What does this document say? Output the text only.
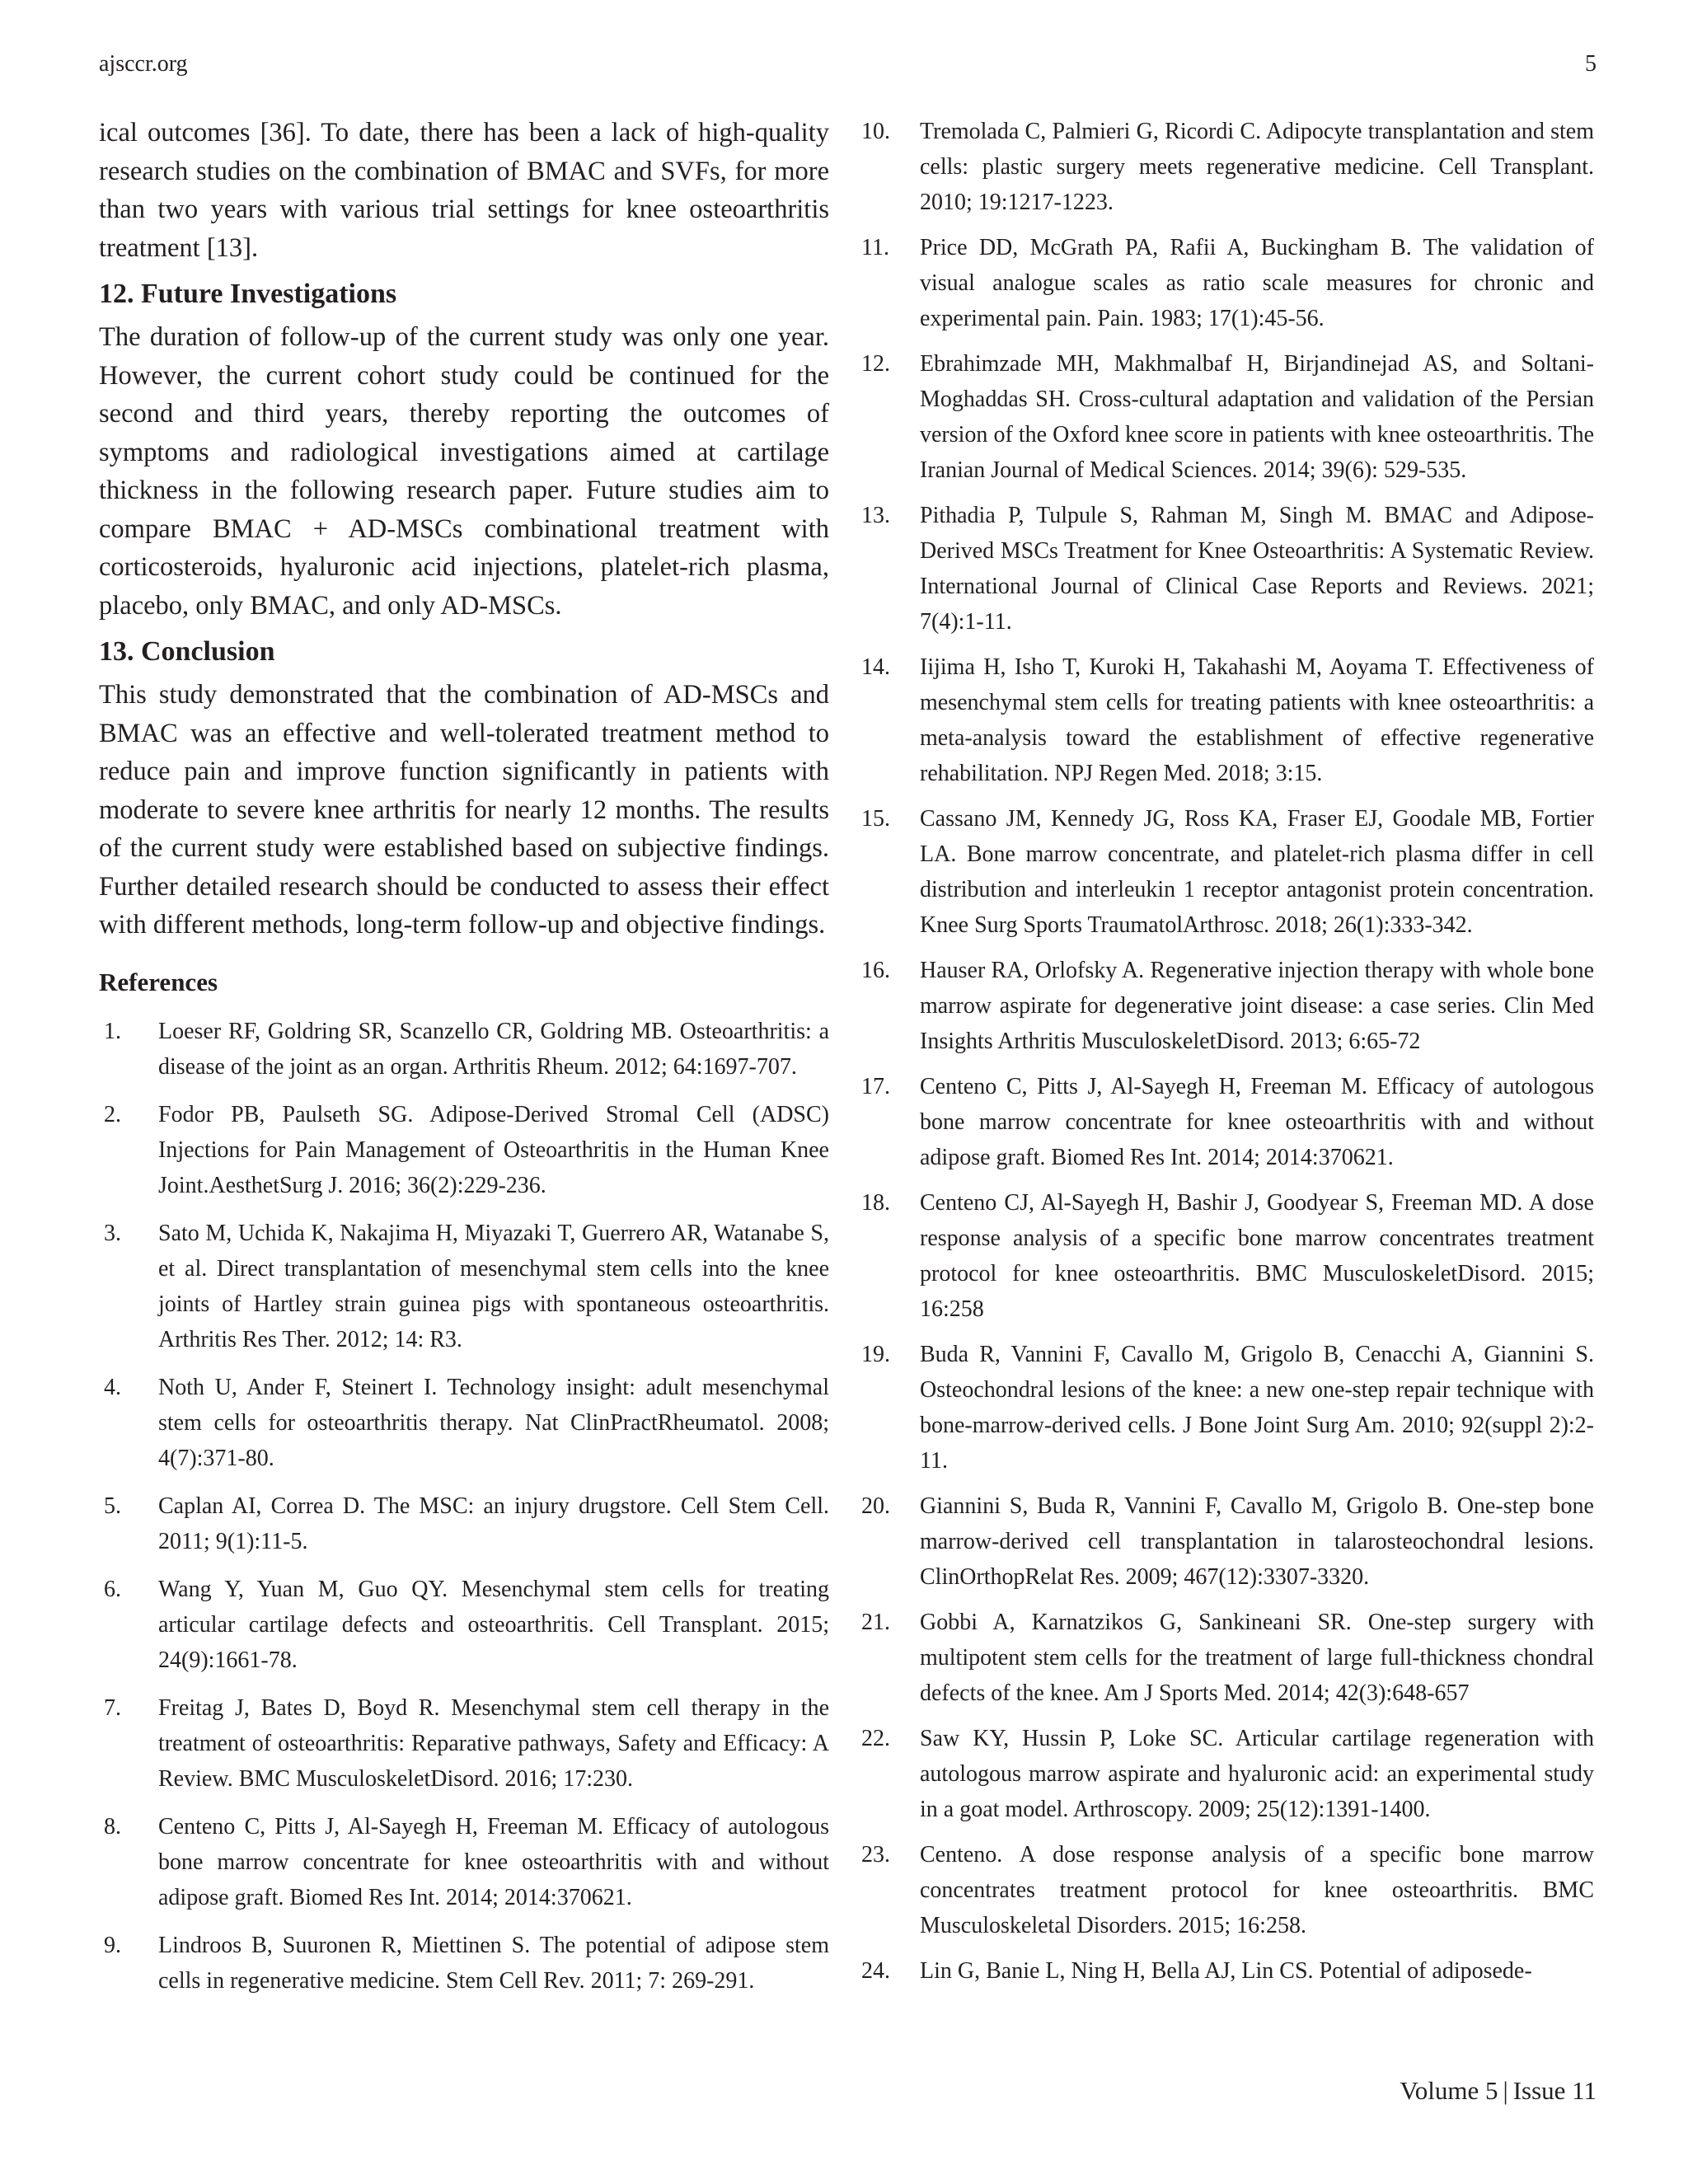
ajsccr.org	5

ical outcomes [36]. To date, there has been a lack of high-quality research studies on the combination of BMAC and SVFs, for more than two years with various trial settings for knee osteoarthritis treatment [13].

12. Future Investigations

The duration of follow-up of the current study was only one year. However, the current cohort study could be continued for the second and third years, thereby reporting the outcomes of symptoms and radiological investigations aimed at cartilage thickness in the following research paper. Future studies aim to compare BMAC + AD-MSCs combinational treatment with corticosteroids, hyaluronic acid injections, platelet-rich plasma, placebo, only BMAC, and only AD-MSCs.

13. Conclusion

This study demonstrated that the combination of AD-MSCs and BMAC was an effective and well-tolerated treatment method to reduce pain and improve function significantly in patients with moderate to severe knee arthritis for nearly 12 months. The results of the current study were established based on subjective findings. Further detailed research should be conducted to assess their effect with different methods, long-term follow-up and objective findings.

References
1.	Loeser RF, Goldring SR, Scanzello CR, Goldring MB. Osteoarthritis: a disease of the joint as an organ. Arthritis Rheum. 2012; 64:1697-707.
2.	Fodor PB, Paulseth SG. Adipose-Derived Stromal Cell (ADSC) Injections for Pain Management of Osteoarthritis in the Human Knee Joint.AesthetSurg J. 2016; 36(2):229-236.
3.	Sato M, Uchida K, Nakajima H, Miyazaki T, Guerrero AR, Watanabe S, et al. Direct transplantation of mesenchymal stem cells into the knee joints of Hartley strain guinea pigs with spontaneous osteoarthritis. Arthritis Res Ther. 2012; 14: R3.
4.	Noth U, Ander F, Steinert I. Technology insight: adult mesenchymal stem cells for osteoarthritis therapy. Nat ClinPractRheumatol. 2008; 4(7):371-80.
5.	Caplan AI, Correa D. The MSC: an injury drugstore. Cell Stem Cell. 2011; 9(1):11-5.
6.	Wang Y, Yuan M, Guo QY. Mesenchymal stem cells for treating articular cartilage defects and osteoarthritis. Cell Transplant. 2015; 24(9):1661-78.
7.	Freitag J, Bates D, Boyd R. Mesenchymal stem cell therapy in the treatment of osteoarthritis: Reparative pathways, Safety and Efficacy: A Review. BMC MusculoskeletDisord. 2016; 17:230.
8.	Centeno C, Pitts J, Al-Sayegh H, Freeman M. Efficacy of autologous bone marrow concentrate for knee osteoarthritis with and without adipose graft. Biomed Res Int. 2014; 2014:370621.
9.	Lindroos B, Suuronen R, Miettinen S. The potential of adipose stem cells in regenerative medicine. Stem Cell Rev. 2011; 7: 269-291.
10.	Tremolada C, Palmieri G, Ricordi C. Adipocyte transplantation and stem cells: plastic surgery meets regenerative medicine. Cell Transplant. 2010; 19:1217-1223.
11.	Price DD, McGrath PA, Rafii A, Buckingham B. The validation of visual analogue scales as ratio scale measures for chronic and experimental pain. Pain. 1983; 17(1):45-56.
12.	Ebrahimzade MH, Makhmalbaf H, Birjandinejad AS, and Soltani-Moghaddas SH. Cross-cultural adaptation and validation of the Persian version of the Oxford knee score in patients with knee osteoarthritis. The Iranian Journal of Medical Sciences. 2014; 39(6): 529-535.
13.	Pithadia P, Tulpule S, Rahman M, Singh M. BMAC and Adipose-Derived MSCs Treatment for Knee Osteoarthritis: A Systematic Review. International Journal of Clinical Case Reports and Reviews. 2021; 7(4):1-11.
14.	Iijima H, Isho T, Kuroki H, Takahashi M, Aoyama T. Effectiveness of mesenchymal stem cells for treating patients with knee osteoarthritis: a meta-analysis toward the establishment of effective regenerative rehabilitation. NPJ Regen Med. 2018; 3:15.
15.	Cassano JM, Kennedy JG, Ross KA, Fraser EJ, Goodale MB, Fortier LA. Bone marrow concentrate, and platelet-rich plasma differ in cell distribution and interleukin 1 receptor antagonist protein concentration. Knee Surg Sports TraumatolArthrosc. 2018; 26(1):333-342.
16.	Hauser RA, Orlofsky A. Regenerative injection therapy with whole bone marrow aspirate for degenerative joint disease: a case series. Clin Med Insights Arthritis MusculoskeletDisord. 2013; 6:65-72
17.	Centeno C, Pitts J, Al-Sayegh H, Freeman M. Efficacy of autologous bone marrow concentrate for knee osteoarthritis with and without adipose graft. Biomed Res Int. 2014; 2014:370621.
18.	Centeno CJ, Al-Sayegh H, Bashir J, Goodyear S, Freeman MD. A dose response analysis of a specific bone marrow concentrates treatment protocol for knee osteoarthritis. BMC MusculoskeletDisord. 2015; 16:258
19.	Buda R, Vannini F, Cavallo M, Grigolo B, Cenacchi A, Giannini S. Osteochondral lesions of the knee: a new one-step repair technique with bone-marrow-derived cells. J Bone Joint Surg Am. 2010; 92(suppl 2):2-11.
20.	Giannini S, Buda R, Vannini F, Cavallo M, Grigolo B. One-step bone marrow-derived cell transplantation in talarosteochondral lesions. ClinOrthopRelat Res. 2009; 467(12):3307-3320.
21.	Gobbi A, Karnatzikos G, Sankineani SR. One-step surgery with multipotent stem cells for the treatment of large full-thickness chondral defects of the knee. Am J Sports Med. 2014; 42(3):648-657
22.	Saw KY, Hussin P, Loke SC. Articular cartilage regeneration with autologous marrow aspirate and hyaluronic acid: an experimental study in a goat model. Arthroscopy. 2009; 25(12):1391-1400.
23.	Centeno. A dose response analysis of a specific bone marrow concentrates treatment protocol for knee osteoarthritis. BMC Musculoskeletal Disorders. 2015; 16:258.
24.	Lin G, Banie L, Ning H, Bella AJ, Lin CS. Potential of adiposede-
Volume 5 | Issue 11
